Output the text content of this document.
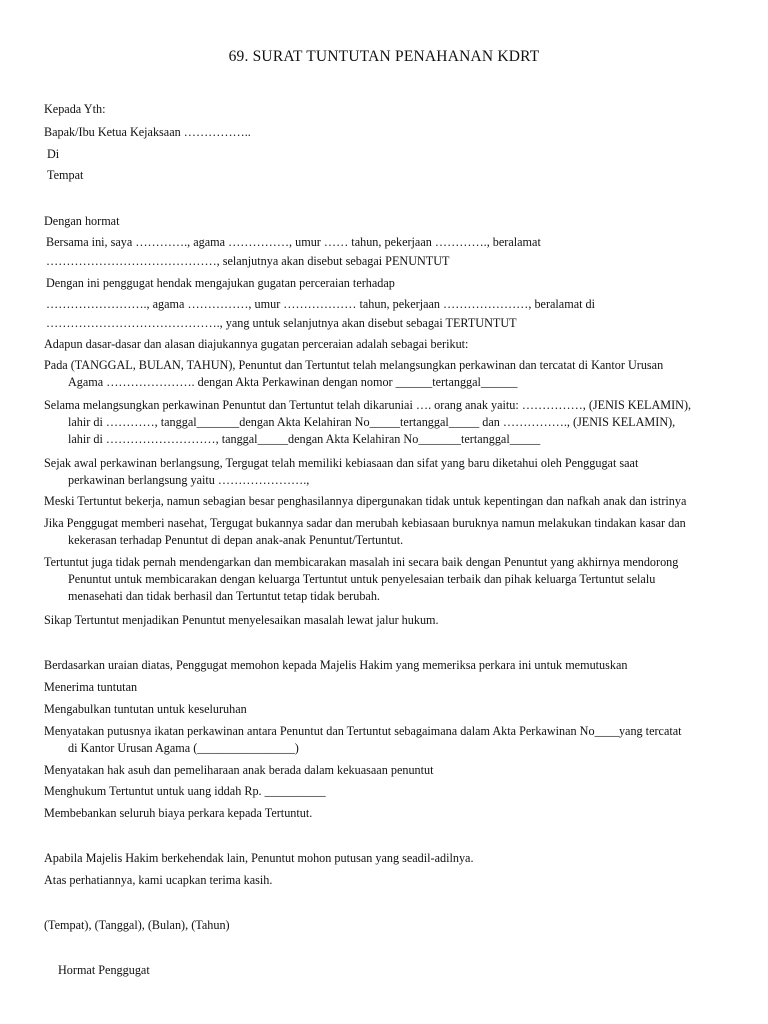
69. SURAT TUNTUTAN PENAHANAN KDRT
Kepada Yth:
Bapak/Ibu Ketua Kejaksaan ……………..
Di
Tempat
Dengan hormat
Bersama ini, saya …………., agama ……………, umur …… tahun, pekerjaan …………., beralamat
……………………………………, selanjutnya akan disebut sebagai PENUNTUT
Dengan ini penggugat hendak mengajukan gugatan perceraian terhadap
……………………., agama ……………, umur ……………… tahun, pekerjaan …………………, beralamat di
……………………………………., yang untuk selanjutnya akan disebut sebagai TERTUNTUT
Adapun dasar-dasar dan alasan diajukannya gugatan perceraian adalah sebagai berikut:
Pada (TANGGAL, BULAN, TAHUN), Penuntut dan Tertuntut telah melangsungkan perkawinan dan tercatat di Kantor Urusan
Agama …………………. dengan Akta Perkawinan dengan nomor ______tertanggal______
Selama melangsungkan perkawinan Penuntut dan Tertuntut telah dikaruniai …. orang anak yaitu: ……………, (JENIS KELAMIN),
lahir di …………, tanggal_______dengan Akta Kelahiran No_____tertanggal_____ dan ……………., (JENIS KELAMIN),
lahir di ………………………, tanggal_____dengan Akta Kelahiran No_______tertanggal_____
Sejak awal perkawinan berlangsung, Tergugat telah memiliki kebiasaan dan sifat yang baru diketahui oleh Penggugat saat
perkawinan berlangsung yaitu ………………….,
Meski Tertuntut bekerja, namun sebagian besar penghasilannya dipergunakan tidak untuk kepentingan dan nafkah anak dan istrinya
Jika Penggugat memberi nasehat, Tergugat bukannya sadar dan merubah kebiasaan buruknya namun melakukan tindakan kasar dan
kekerasan terhadap Penuntut di depan anak-anak Penuntut/Tertuntut.
Tertuntut juga tidak pernah mendengarkan dan membicarakan masalah ini secara baik dengan Penuntut yang akhirnya mendorong
Penuntut untuk membicarakan dengan keluarga Tertuntut untuk penyelesaian terbaik dan pihak keluarga Tertuntut selalu
menasehati dan tidak berhasil dan Tertuntut tetap tidak berubah.
Sikap Tertuntut menjadikan Penuntut menyelesaikan masalah lewat jalur hukum.
Berdasarkan uraian diatas, Penggugat memohon kepada Majelis Hakim yang memeriksa perkara ini untuk memutuskan
Menerima tuntutan
Mengabulkan tuntutan untuk keseluruhan
Menyatakan putusnya ikatan perkawinan antara Penuntut dan Tertuntut sebagaimana dalam Akta Perkawinan No____yang tercatat
di Kantor Urusan Agama (________________)
Menyatakan hak asuh dan pemeliharaan anak berada dalam kekuasaan penuntut
Menghukum Tertuntut untuk uang iddah Rp. __________
Membebankan seluruh biaya perkara kepada Tertuntut.
Apabila Majelis Hakim berkehendak lain, Penuntut mohon putusan yang seadil-adilnya.
Atas perhatiannya, kami ucapkan terima kasih.
(Tempat), (Tanggal), (Bulan), (Tahun)
Hormat Penggugat
